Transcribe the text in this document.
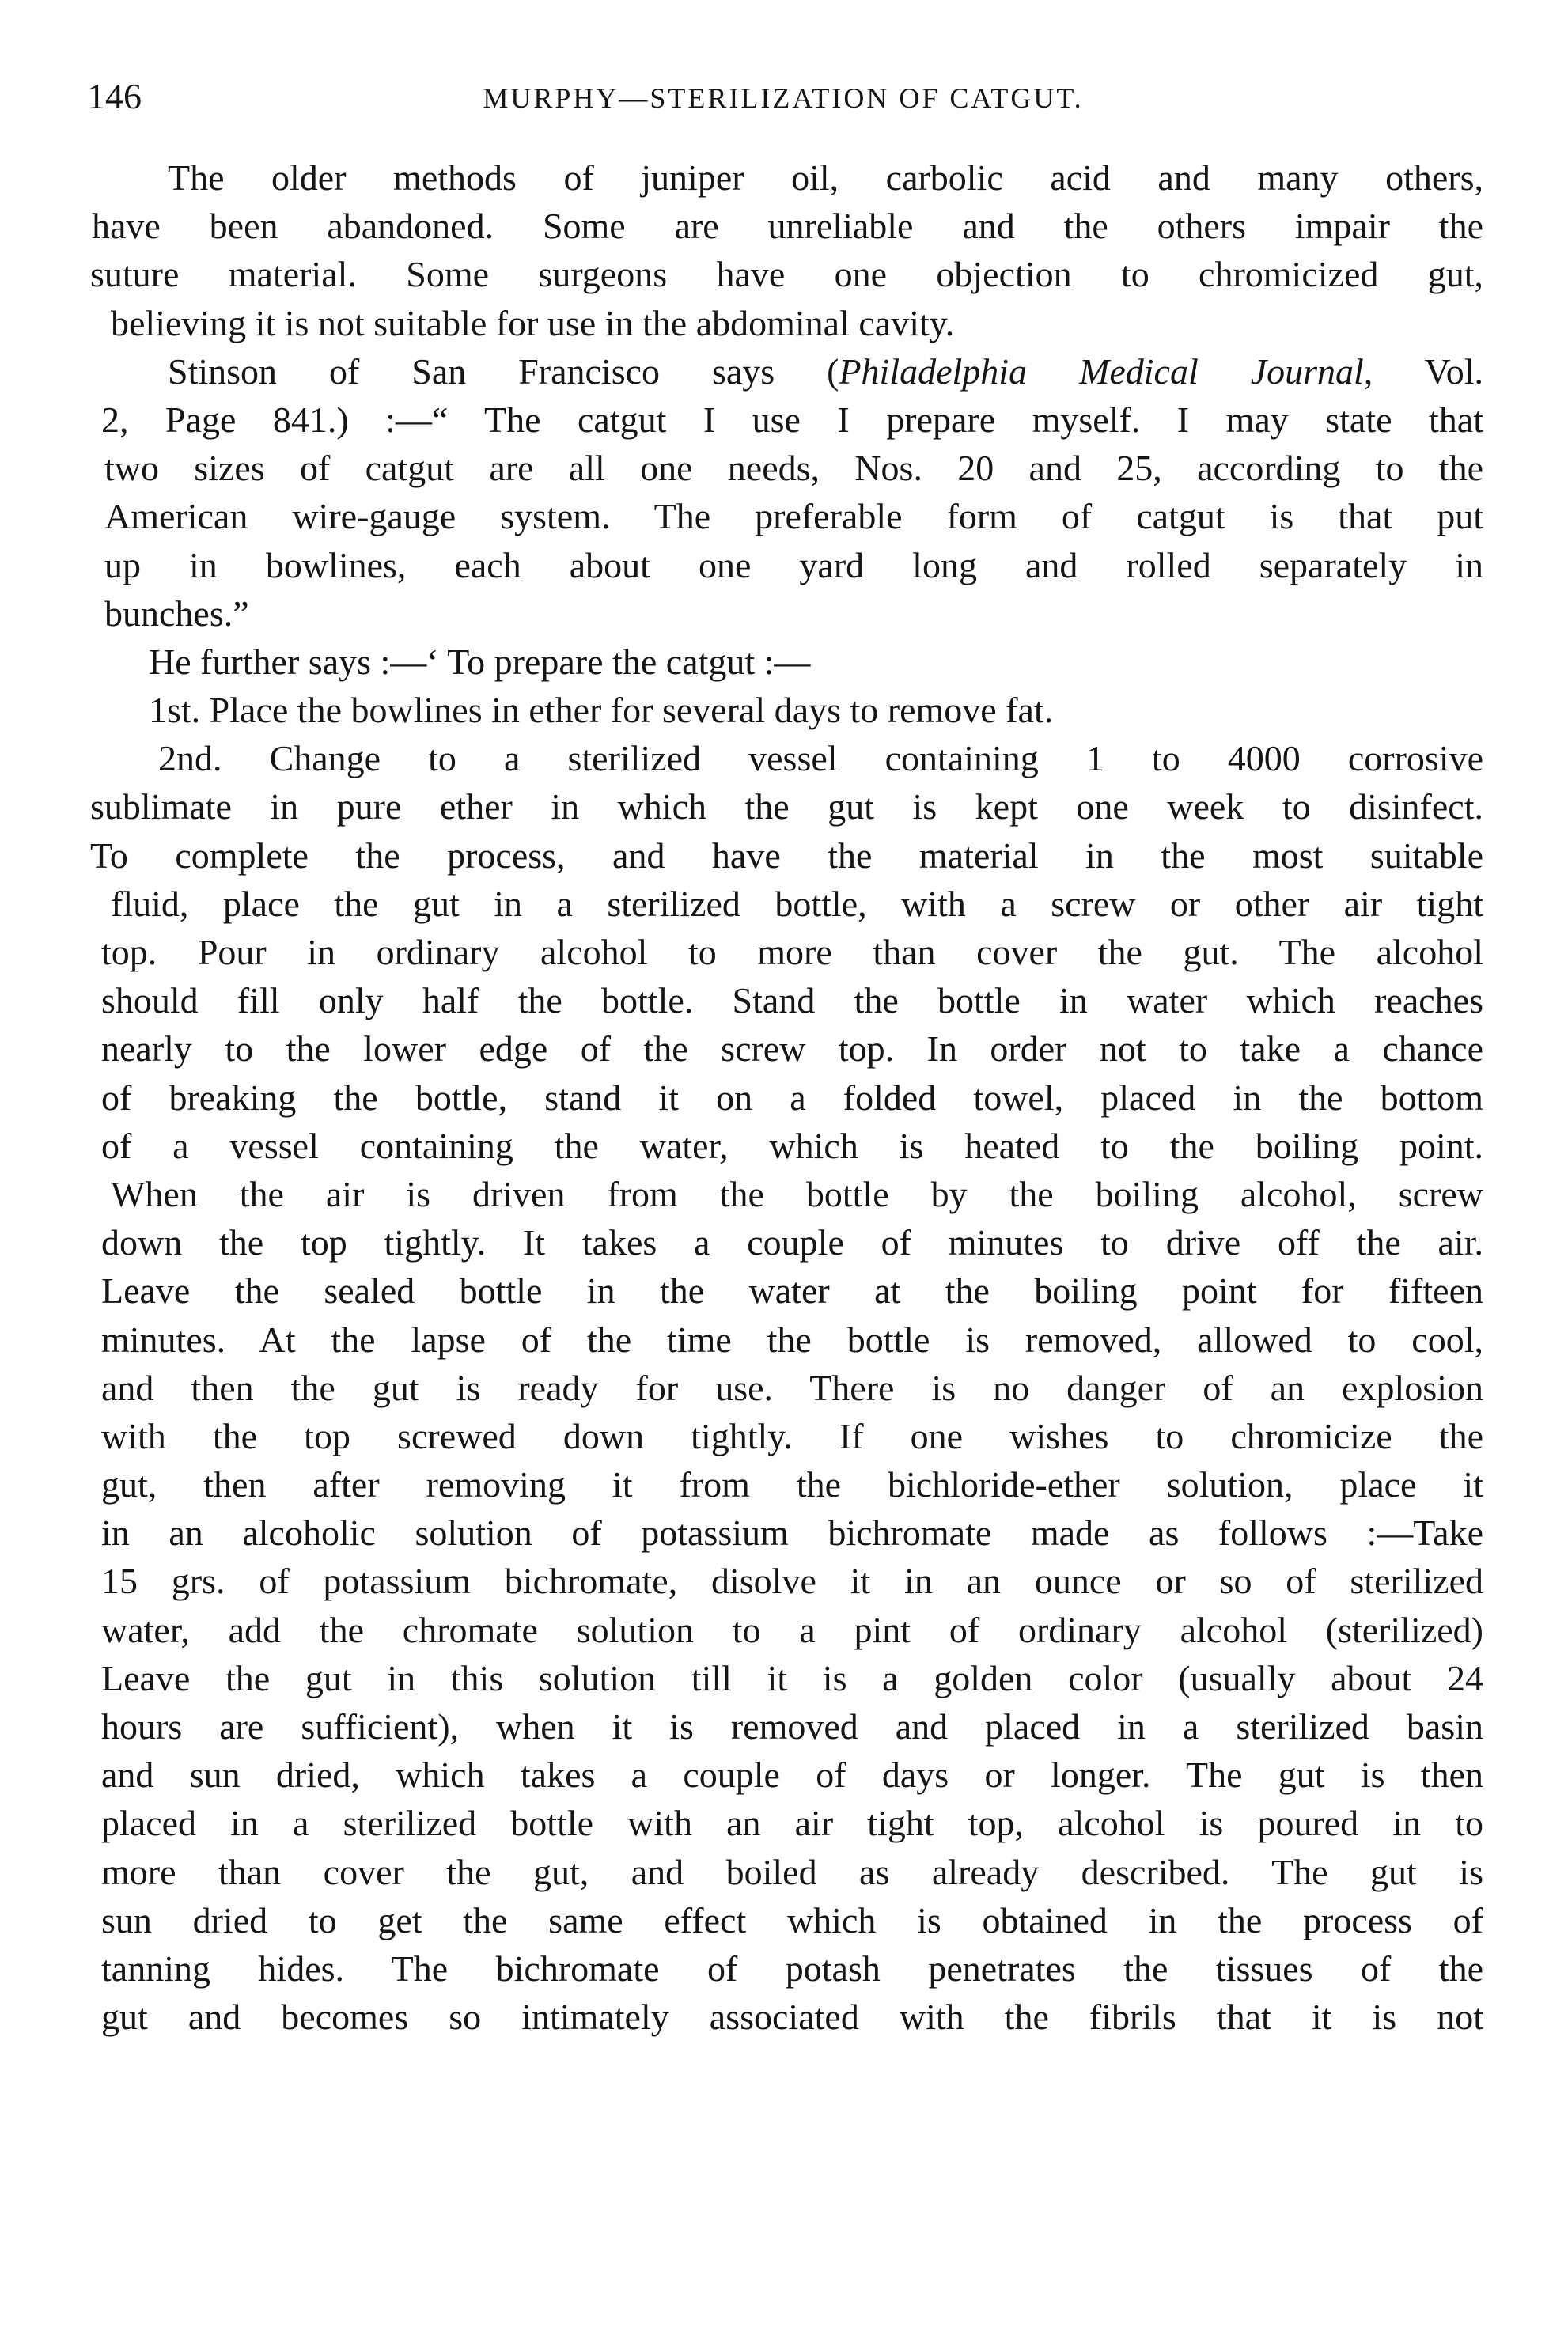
146	MURPHY—STERILIZATION OF CATGUT.
The older methods of juniper oil, carbolic acid and many others,
have been abandoned. Some are unreliable and the others impair the
suture material. Some surgeons have one objection to chromicized gut,
believing it is not suitable for use in the abdominal cavity.
Stinson of San Francisco says (Philadelphia Medical Journal, Vol.
2, Page 841.) :—“ The catgut I use I prepare myself. I may state that
two sizes of catgut are all one needs, Nos. 20 and 25, according to the
American wire-gauge system. The preferable form of catgut is that put
up in bowlines, each about one yard long and rolled separately in
bunches.”
He further says :—‘ To prepare the catgut :—
1st. Place the bowlines in ether for several days to remove fat.
2nd. Change to a sterilized vessel containing 1 to 4000 corrosive
sublimate in pure ether in which the gut is kept one week to disinfect.
To complete the process, and have the material in the most suitable
fluid, place the gut in a sterilized bottle, with a screw or other air tight
top. Pour in ordinary alcohol to more than cover the gut. The alcohol
should fill only half the bottle. Stand the bottle in water which reaches
nearly to the lower edge of the screw top. In order not to take a chance
of breaking the bottle, stand it on a folded towel, placed in the bottom
of a vessel containing the water, which is heated to the boiling point.
When the air is driven from the bottle by the boiling alcohol, screw
down the top tightly. It takes a couple of minutes to drive off the air.
Leave the sealed bottle in the water at the boiling point for fifteen
minutes. At the lapse of the time the bottle is removed, allowed to cool,
and then the gut is ready for use. There is no danger of an explosion
with the top screwed down tightly. If one wishes to chromicize the
gut, then after removing it from the bichloride-ether solution, place it
in an alcoholic solution of potassium bichromate made as follows :—Take
15 grs. of potassium bichromate, disolve it in an ounce or so of sterilized
water, add the chromate solution to a pint of ordinary alcohol (sterilized)
Leave the gut in this solution till it is a golden color (usually about 24
hours are sufficient), when it is removed and placed in a sterilized basin
and sun dried, which takes a couple of days or longer. The gut is then
placed in a sterilized bottle with an air tight top, alcohol is poured in to
more than cover the gut, and boiled as already described. The gut is
sun dried to get the same effect which is obtained in the process of
tanning hides. The bichromate of potash penetrates the tissues of the
gut and becomes so intimately associated with the fibrils that it is not
